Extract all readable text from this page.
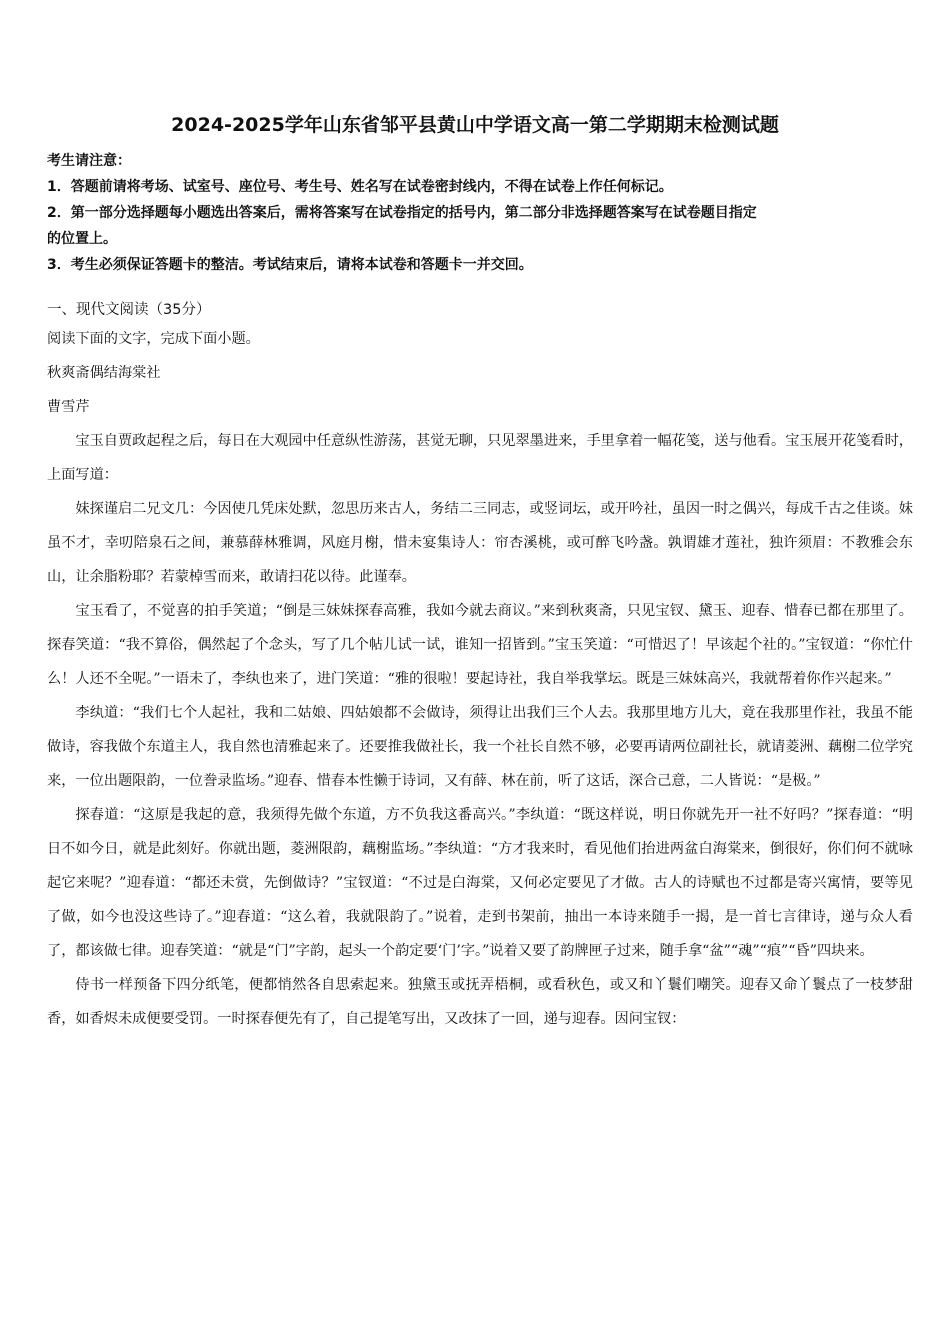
2024-2025学年山东省邹平县黄山中学语文高一第二学期期末检测试题
考生请注意：
1．答题前请将考场、试室号、座位号、考生号、姓名写在试卷密封线内，不得在试卷上作任何标记。
2．第一部分选择题每小题选出答案后，需将答案写在试卷指定的括号内，第二部分非选择题答案写在试卷题目指定
的位置上。
3．考生必须保证答题卡的整洁。考试结束后，请将本试卷和答题卡一并交回。
一、现代文阅读（35分）

阅读下面的文字，完成下面小题。

秋爽斋偶结海棠社

曹雪芹

宝玉自贾政起程之后，每日在大观园中任意纵性游荡，甚觉无聊，只见翠墨进来，手里拿着一幅花笺，送与他看。宝玉展开花笺看时，上面写道：

妹探谨启二兄文几：今因使几凭床处默，忽思历来古人，务结二三同志，或竖词坛，或开吟社，虽因一时之偶兴，每成千古之佳谈。妹虽不才，幸叨陪泉石之间，兼慕薛林雅调，风庭月榭，惜未宴集诗人：帘杏溪桃，或可醉飞吟盏。孰谓雄才莲社，独许须眉：不教雅会东山，让余脂粉耶？若蒙棹雪而来，敢请扫花以待。此谨奉。

宝玉看了，不觉喜的拍手笑道；“倒是三妹妹探春高雅，我如今就去商议。”来到秋爽斋，只见宝钗、黛玉、迎春、惜春已都在那里了。探春笑道：“我不算俗，偶然起了个念头，写了几个帖儿试一试，谁知一招皆到。”宝玉笑道：“可惜迟了！早该起个社的。”宝钗道：“你忙什么！人还不全呢。”一语未了，李纨也来了，进门笑道：“雅的很啦！要起诗社，我自举我掌坛。既是三妹妹高兴，我就帮着你作兴起来。”

李纨道：“我们七个人起社，我和二姑娘、四姑娘都不会做诗，须得让出我们三个人去。我那里地方儿大，竟在我那里作社，我虽不能做诗，容我做个东道主人，我自然也清雅起来了。还要推我做社长，我一个社长自然不够，必要再请两位副社长，就请菱洲、藕榭二位学究来，一位出题限韵，一位誊录监场。”迎春、惜春本性懒于诗词，又有薛、林在前，听了这话，深合己意，二人皆说：“是极。”

探春道：“这原是我起的意，我须得先做个东道，方不负我这番高兴。”李纨道：“既这样说，明日你就先开一社不好吗？”探春道：“明日不如今日，就是此刻好。你就出题，菱洲限韵，藕榭监场。”李纨道：“方才我来时，看见他们抬进两盆白海棠来，倒很好，你们何不就咏起它来呢？”迎春道：“都还未赏，先倒做诗？”宝钗道：“不过是白海棠，又何必定要见了才做。古人的诗赋也不过都是寄兴寓情，要等见了做，如今也没这些诗了。”迎春道：“这么着，我就限韵了。”说着，走到书架前，抽出一本诗来随手一揭，是一首七言律诗，递与众人看了，都该做七律。迎春笑道：“就是“门”字韵，起头一个韵定要‘门’字。”说着又要了韵牌匣子过来，随手拿“盆”“魂”“痕”“昏”四块来。

侍书一样预备下四分纸笔，便都悄然各自思索起来。独黛玉或抚弄梧桐，或看秋色，或又和丫鬟们嘲笑。迎春又命丫鬟点了一枝梦甜香，如香烬未成便要受罚。一时探春便先有了，自己提笔写出，又改抹了一回，递与迎春。因问宝钗：
